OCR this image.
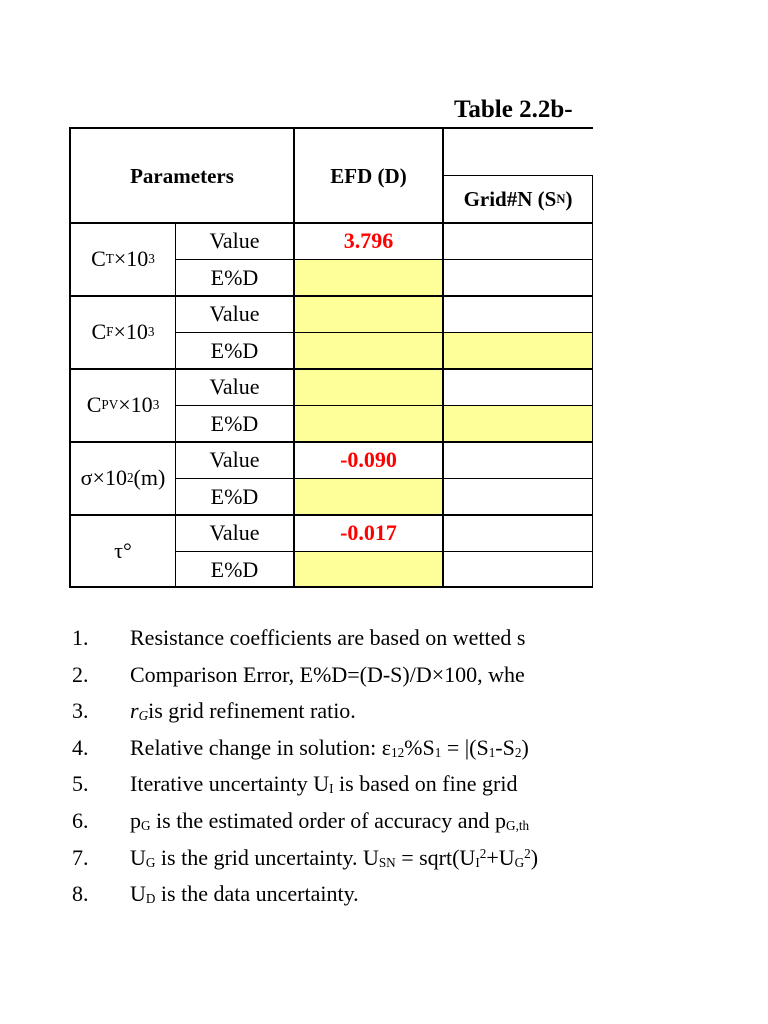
Table 2.2b-
Parameters	EFD (D)
Grid#N (S N )
C T ×10 3
Value
E%D
3.796
C F ×10 3
Value
E%D
C PV ×10 3
Value
E%D
σ ×10 2 (m)
Value
E%D
-0.090
τ°
Value
E%D
-0.017
1. Resistance coefficients are based on wetted s
2. Comparison Error, E%D=(D-S)/D×100, whe
3. $r_Gis$ grid refinement ratio.
4. Relative change in solution: $\varepsilon_{12}\%S_1 = |(S_1-S_2)$
5. Iterative uncertainty $U_I$ is based on fine grid
6. $p_G$ is the estimated order of accuracy and $p_{G,th}$
7. $U_G$ is the grid uncertainty. $U_{SN}$ = $sqrt(U_I^2+U_G^2)$
8. $U_D$ is the data uncertainty.
